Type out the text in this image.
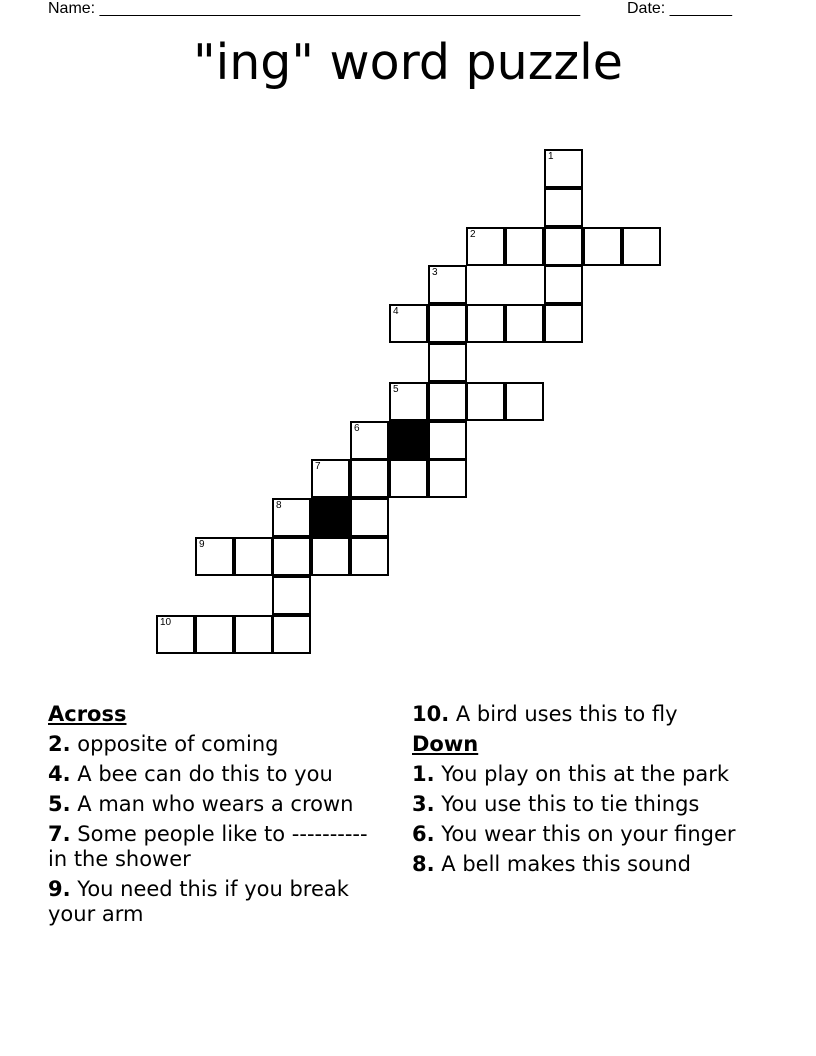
Name: ______________________________________________________	Date: _______
"ing" word puzzle
1
2
3
4
5
6
7
8
9
10
Across
2. opposite of coming
4. A bee can do this to you
5. A man who wears a crown
7. Some people like to ---------- in the shower
9. You need this if you break your arm
10. A bird uses this to fly
Down
1. You play on this at the park
3. You use this to tie things
6. You wear this on your finger
8. A bell makes this sound
